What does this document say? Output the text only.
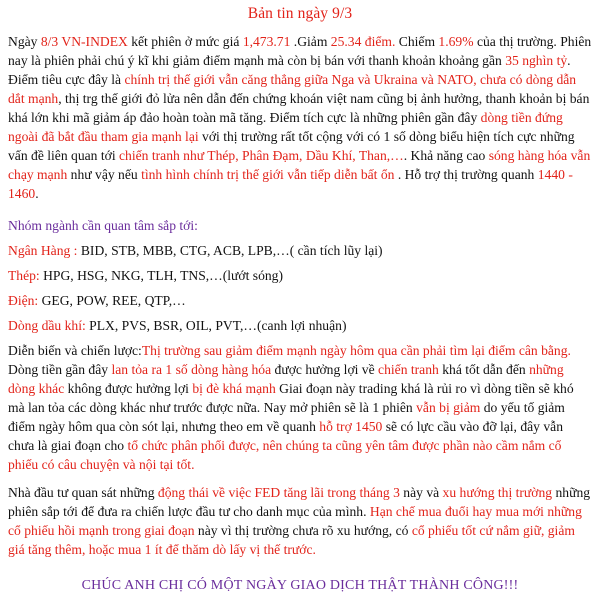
Bản tin ngày 9/3

Ngày 8/3 VN-INDEX kết phiên ở mức giá 1,473.71 .Giảm 25.34 điểm. Chiếm 1.69% của thị trường. Phiên nay là phiên phải chú ý kĩ khi giảm điểm mạnh mà còn bị bán với thanh khoản khoảng gần 35 nghìn tỷ. Điểm tiêu cực đây là chính trị thế giới vẫn căng thẳng giữa Nga và Ukraina và NATO, chưa có dòng dẫn dắt mạnh, thị trg thế giới đỏ lửa nên dẫn đến chứng khoán việt nam cũng bị ảnh hưởng, thanh khoản bị bán khá lớn khi mã giảm áp đảo hoàn toàn mã tăng. Điểm tích cực là những phiên gần đây dòng tiền đứng ngoài đã bắt đầu tham gia mạnh lại với thị trường rất tốt cộng với có 1 số dòng biểu hiện tích cực những vấn đề liên quan tới chiến tranh như Thép, Phân Đạm, Dầu Khí, Than,…. Khả năng cao sóng hàng hóa vẫn chạy mạnh như vậy nếu tình hình chính trị thế giới vẫn tiếp diễn bất ổn . Hỗ trợ thị trường quanh 1440 - 1460.

Nhóm ngành cần quan tâm sắp tới:

Ngân Hàng : BID, STB, MBB, CTG, ACB, LPB,…( cần tích lũy lại)

Thép: HPG, HSG, NKG, TLH, TNS,…(lướt sóng)

Điện: GEG, POW, REE, QTP,…

Dòng dầu khí: PLX, PVS, BSR, OIL, PVT,…(canh lợi nhuận)

Diễn biến và chiến lược:Thị trường sau giảm điểm mạnh ngày hôm qua cần phải tìm lại điểm cân bằng. Dòng tiền gần đây lan tỏa ra 1 số dòng hàng hóa được hưởng lợi về chiến tranh khá tốt dẫn đến những dòng khác không được hưởng lợi bị đè khá mạnh Giai đoạn này trading khá là rủi ro vì dòng tiền sẽ khó mà lan tỏa các dòng khác như trước được nữa. Nay mở phiên sẽ là 1 phiên vẫn bị giảm do yếu tố giảm điểm ngày hôm qua còn sót lại, nhưng theo em về quanh hỗ trợ 1450 sẽ có lực cầu vào đỡ lại, đây vẫn chưa là giai đoạn cho tổ chức phân phối được, nên chúng ta cũng yên tâm được phần nào cầm nắm cổ phiếu có câu chuyện và nội tại tốt.

Nhà đầu tư quan sát những động thái về việc FED tăng lãi trong tháng 3 này và xu hướng thị trường những phiên sắp tới để đưa ra chiến lược đầu tư cho danh mục của mình. Hạn chế mua đuổi hay mua mới những cổ phiếu hồi mạnh trong giai đoạn này vì thị trường chưa rõ xu hướng, có cổ phiếu tốt cứ nắm giữ, giảm giá tăng thêm, hoặc mua 1 ít để thăm dò lấy vị thế trước.

CHÚC ANH CHỊ CÓ MỘT NGÀY GIAO DỊCH THẬT THÀNH CÔNG!!!
